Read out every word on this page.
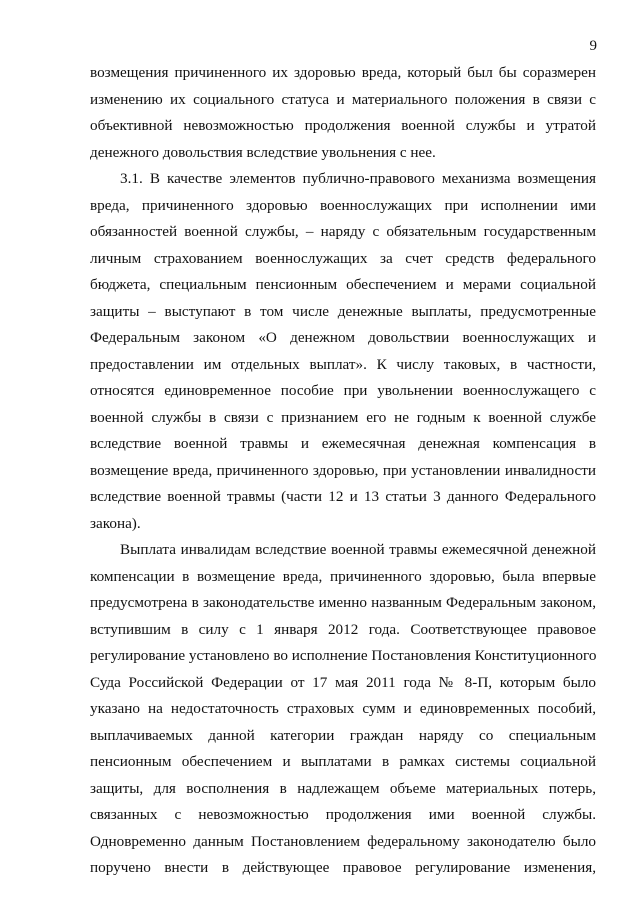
9

возмещения причиненного их здоровью вреда, который был бы соразмерен
изменению их социального статуса и материального положения в связи с
объективной невозможностью продолжения военной службы и утратой
денежного довольствия вследствие увольнения с нее.

3.1. В качестве элементов публично-правового механизма возмещения
вреда, причиненного здоровью военнослужащих при исполнении ими
обязанностей военной службы, – наряду с обязательным государственным
личным страхованием военнослужащих за счет средств федерального
бюджета, специальным пенсионным обеспечением и мерами социальной
защиты – выступают в том числе денежные выплаты, предусмотренные
Федеральным законом «О денежном довольствии военнослужащих и
предоставлении им отдельных выплат». К числу таковых, в частности,
относятся единовременное пособие при увольнении военнослужащего с
военной службы в связи с признанием его не годным к военной службе
вследствие военной травмы и ежемесячная денежная компенсация в
возмещение вреда, причиненного здоровью, при установлении инвалидности
вследствие военной травмы (части 12 и 13 статьи 3 данного Федерального
закона).

Выплата инвалидам вследствие военной травмы ежемесячной денежной
компенсации в возмещение вреда, причиненного здоровью, была впервые
предусмотрена в законодательстве именно названным Федеральным законом,
вступившим в силу с 1 января 2012 года. Соответствующее правовое
регулирование установлено во исполнение Постановления Конституционного
Суда Российской Федерации от 17 мая 2011 года № 8-П, которым было
указано на недостаточность страховых сумм и единовременных пособий,
выплачиваемых данной категории граждан наряду со специальным
пенсионным обеспечением и выплатами в рамках системы социальной
защиты, для восполнения в надлежащем объеме материальных потерь,
связанных с невозможностью продолжения ими военной службы.
Одновременно данным Постановлением федеральному законодателю было
поручено внести в действующее правовое регулирование изменения,
